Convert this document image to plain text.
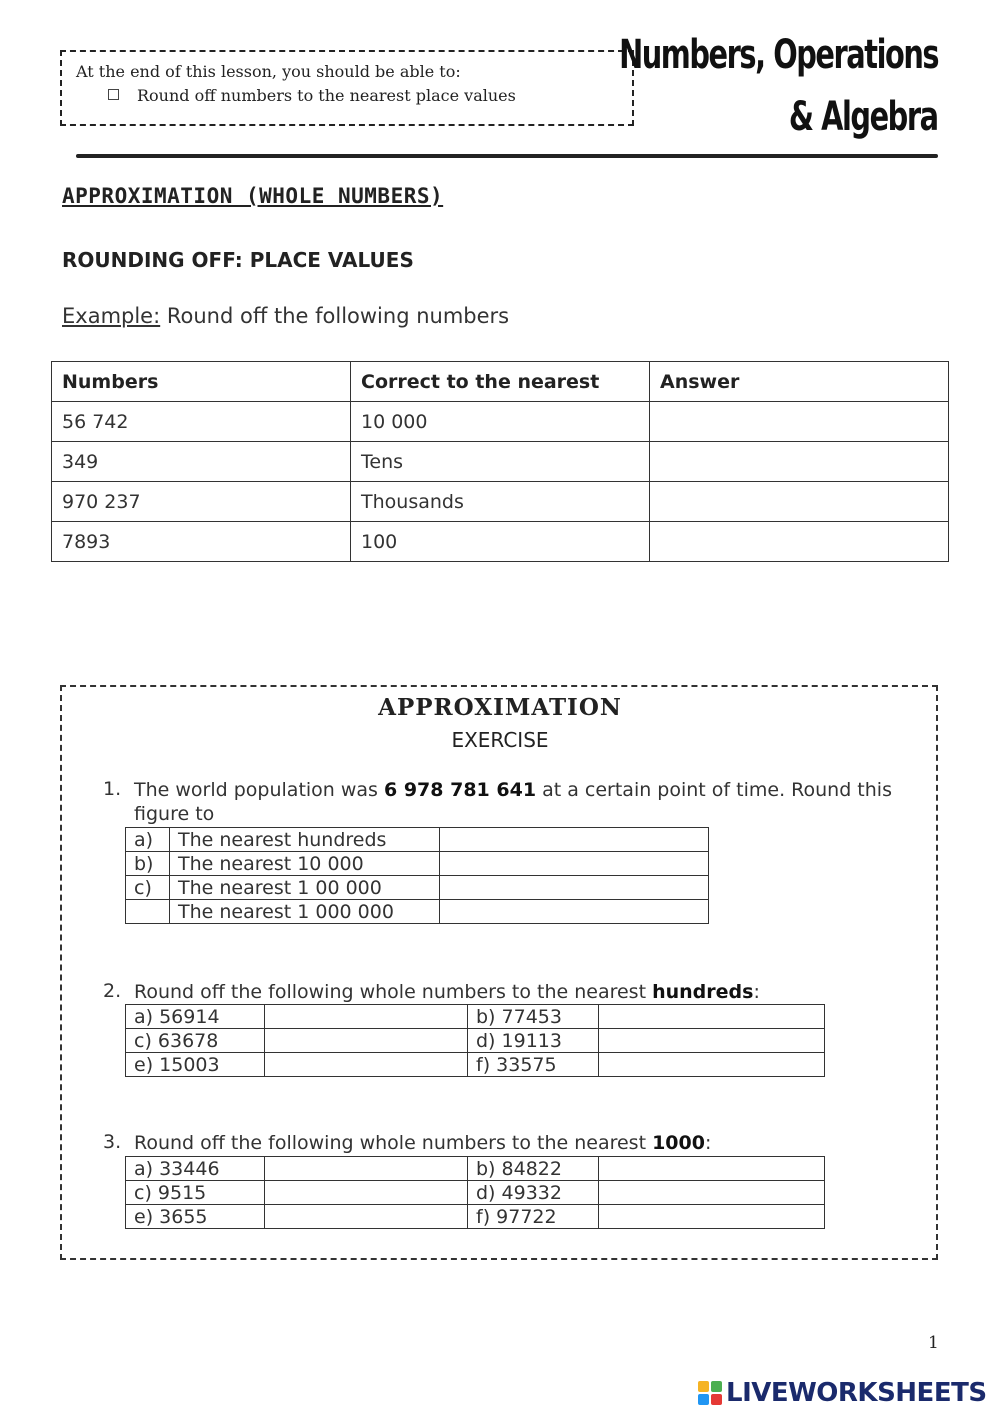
At the end of this lesson, you should be able to:
Round off numbers to the nearest place values
Numbers, Operations
& Algebra
APPROXIMATION (WHOLE NUMBERS)
ROUNDING OFF: PLACE VALUES
Example: Round off the following numbers
Numbers	Correct to the nearest	Answer
56 742	10 000	
349	Tens	
970 237	Thousands	
7893	100	
APPROXIMATION
EXERCISE
1. The world population was 6 978 781 641 at a certain point of time. Round this
figure to
a)	The nearest hundreds	
b)	The nearest 10 000	
c)	The nearest 1 00 000	
	The nearest 1 000 000	
2. Round off the following whole numbers to the nearest hundreds:
a) 56914		b) 77453	
c) 63678		d) 19113	
e) 15003		f) 33575	
3. Round off the following whole numbers to the nearest 1000:
a) 33446		b) 84822	
c) 9515		d) 49332	
e) 3655		f) 97722	
1
LIVEWORKSHEETS
